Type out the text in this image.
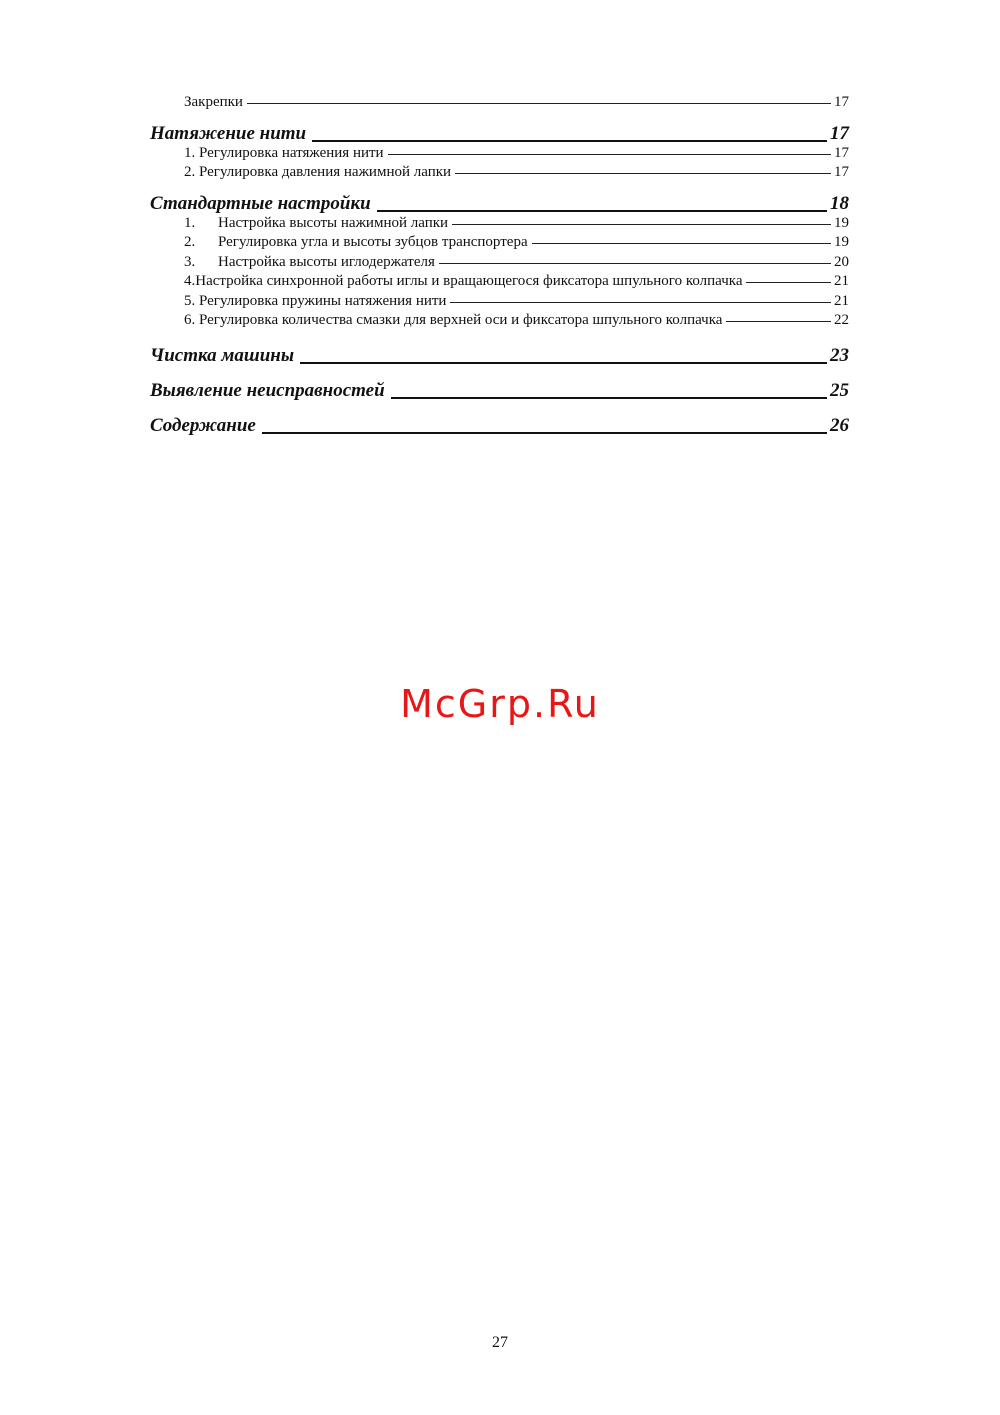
Закрепки	17
Натяжение нити	17
1. Регулировка натяжения нити	17
2. Регулировка давления нажимной лапки	17
Стандартные настройки	18
1.	Настройка высоты нажимной лапки	19
2.	Регулировка угла и высоты зубцов транспортера	19
3.	Настройка высоты иглодержателя	20
4.Настройка синхронной работы иглы и вращающегося фиксатора шпульного колпачка	21
5. Регулировка пружины натяжения нити	21
6. Регулировка количества смазки для верхней оси и фиксатора шпульного колпачка	22
Чистка машины	23
Выявление неисправностей	25
Содержание	26
McGrp.Ru
27
